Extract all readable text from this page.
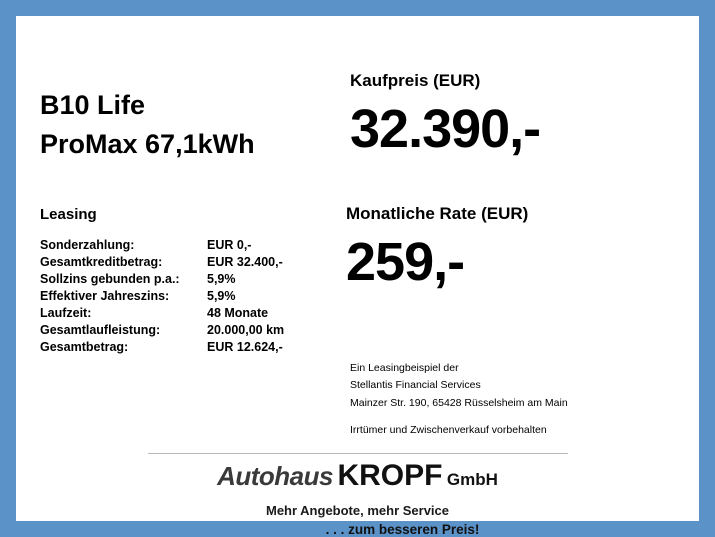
B10 Life
ProMax 67,1kWh
Leasing
Sonderzahlung:	EUR 0,-
Gesamtkreditbetrag:	EUR 32.400,-
Sollzins gebunden p.a.:	5,9%
Effektiver Jahreszins:	5,9%
Laufzeit:	48 Monate
Gesamtlaufleistung:	20.000,00 km
Gesamtbetrag:	EUR 12.624,-
Kaufpreis (EUR)
32.390,-
Monatliche Rate (EUR)
259,-
Ein Leasingbeispiel der
Stellantis Financial Services
Mainzer Str. 190, 65428 Rüsselsheim am Main
Irrtümer und Zwischenverkauf vorbehalten
Autohaus KROPF GmbH
Mehr Angebote, mehr Service
. . . zum besseren Preis!
